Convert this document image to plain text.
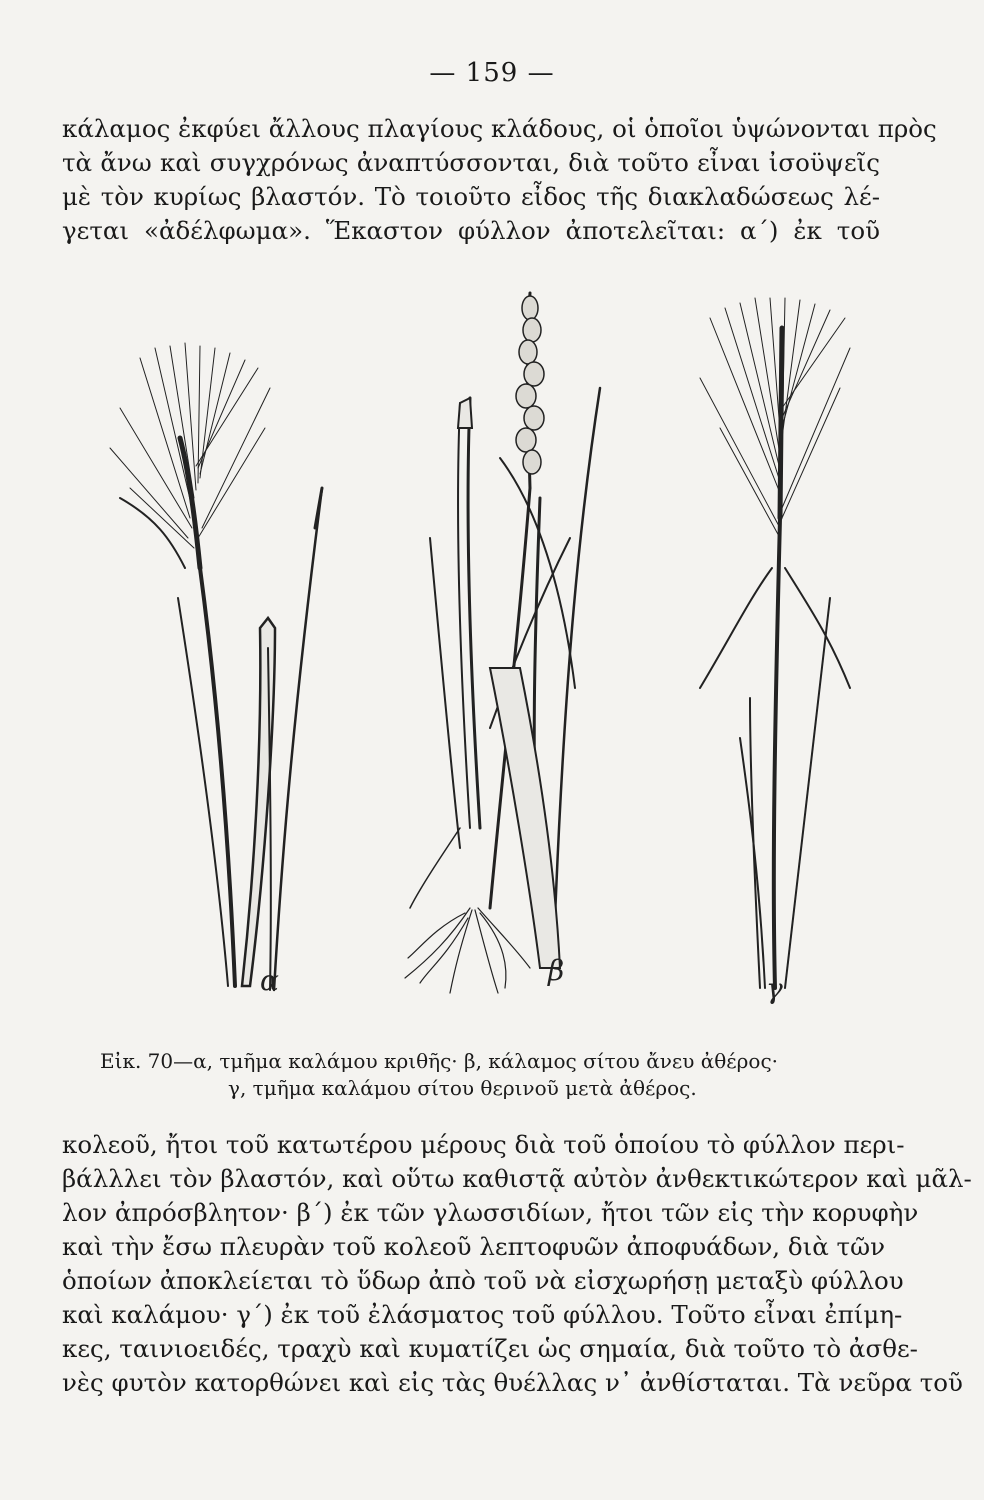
— 159 —
κάλαμος ἐκφύει ἄλλους πλαγίους κλάδους, οἱ ὁποῖοι ὑψώνονται πρὸς
τὰ ἄνω καὶ συγχρόνως ἀναπτύσσονται, διὰ τοῦτο εἶναι ἰσοϋψεῖς
μὲ τὸν κυρίως βλαστόν. Τὸ τοιοῦτο εἶδος τῆς διακλαδώσεως λέ-
γεται «ἀδέλφωμα». Ἕκαστον φύλλον ἀποτελεῖται: α΄) ἐκ τοῦ
α	β
γ
Εἰκ. 70—α, τμῆμα καλάμου κριθῆς· β, κάλαμος σίτου ἄνευ ἀθέρος·
γ, τμῆμα καλάμου σίτου θερινοῦ μετὰ ἀθέρος.
κολεοῦ, ἤτοι τοῦ κατωτέρου μέρους διὰ τοῦ ὁποίου τὸ φύλλον περι-
βάλλλει τὸν βλαστόν, καὶ οὕτω καθιστᾷ αὐτὸν ἀνθεκτικώτερον καὶ μᾶλ-
λον ἀπρόσβλητον· β΄) ἐκ τῶν γλωσσιδίων, ἤτοι τῶν εἰς τὴν κορυφὴν
καὶ τὴν ἔσω πλευρὰν τοῦ κολεοῦ λεπτοφυῶν ἀποφυάδων, διὰ τῶν
ὁποίων ἀποκλείεται τὸ ὕδωρ ἀπὸ τοῦ νὰ εἰσχωρήσῃ μεταξὺ φύλλου
καὶ καλάμου· γ΄) ἐκ τοῦ ἐλάσματος τοῦ φύλλου. Τοῦτο εἶναι ἐπίμη-
κες, ταινιοειδές, τραχὺ καὶ κυματίζει ὡς σημαία, διὰ τοῦτο τὸ ἀσθε-
νὲς φυτὸν κατορθώνει καὶ εἰς τὰς θυέλλας ν᾽ ἀνθίσταται. Τὰ νεῦρα τοῦ
